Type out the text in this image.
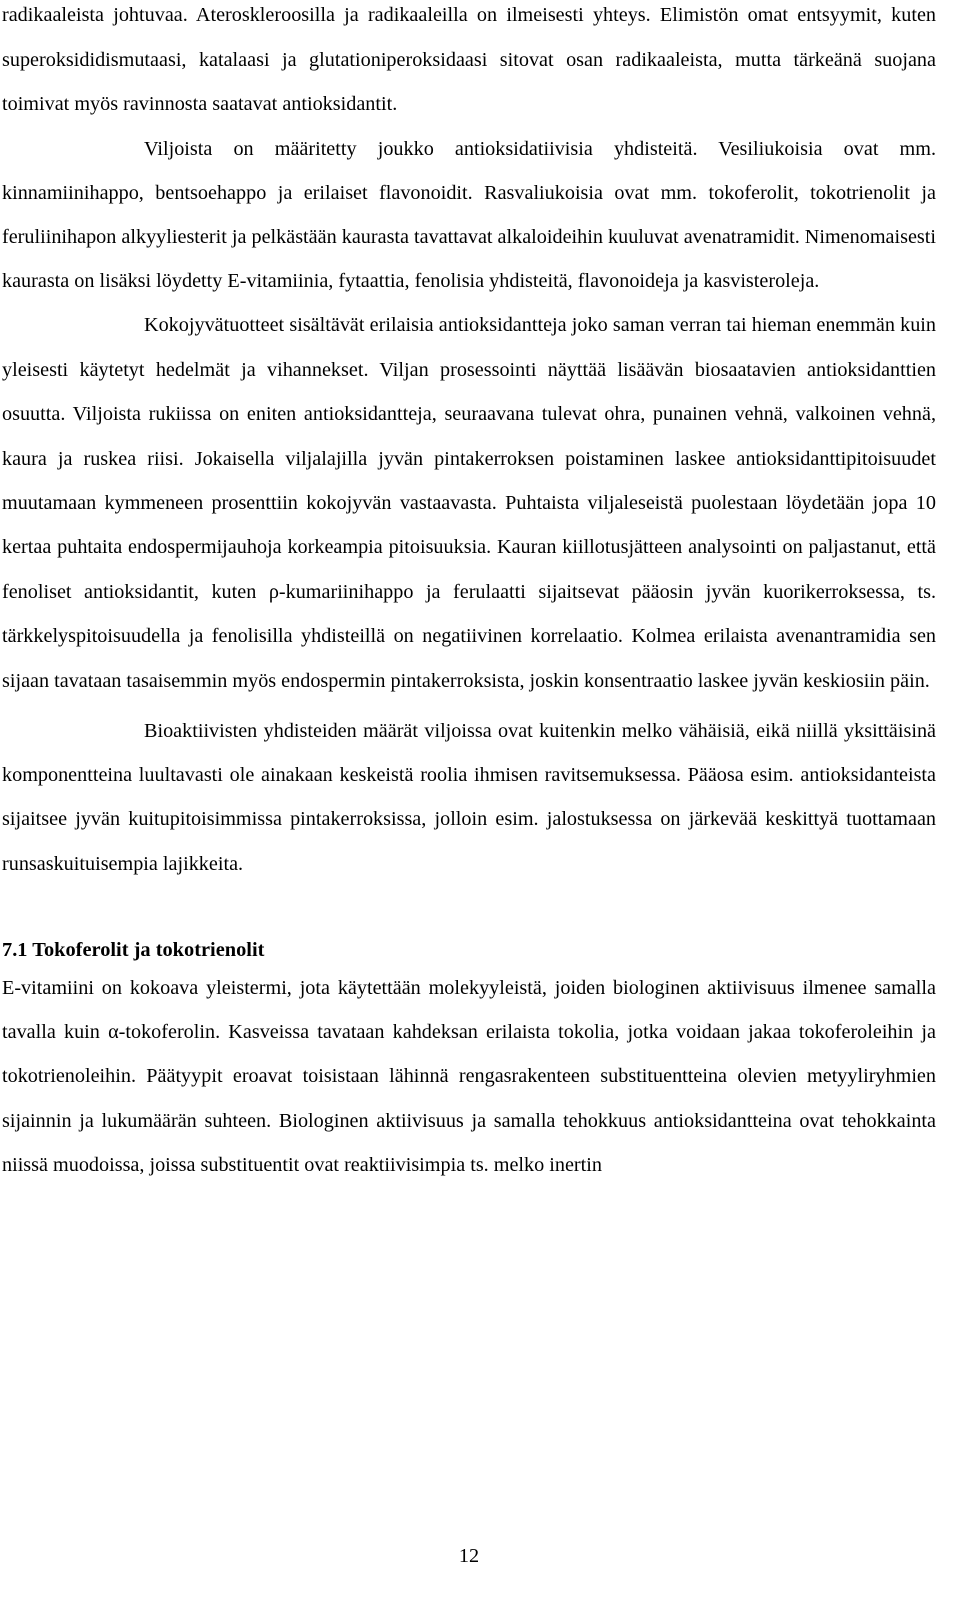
radikaaleista johtuvaa. Ateroskleroosilla ja radikaaleilla on ilmeisesti yhteys. Elimistön omat entsyymit, kuten superoksididismutaasi, katalaasi ja glutationiperoksidaasi sitovat osan radikaaleista, mutta tärkeänä suojana toimivat myös ravinnosta saatavat antioksidantit.

Viljoista on määritetty joukko antioksidatiivisia yhdisteitä. Vesiliukoisia ovat mm. kinnamiinihappo, bentsoehappo ja erilaiset flavonoidit. Rasvaliukoisia ovat mm. tokoferolit, tokotrienolit ja feruliinihapon alkyyliesterit ja pelkästään kaurasta tavattavat alkaloideihin kuuluvat avenatramidit. Nimenomaisesti kaurasta on lisäksi löydetty E-vitamiinia, fytaattia, fenolisia yhdisteitä, flavonoideja ja kasvisteroleja.

Kokojyvätuotteet sisältävät erilaisia antioksidantteja joko saman verran tai hieman enemmän kuin yleisesti käytetyt hedelmät ja vihannekset. Viljan prosessointi näyttää lisäävän biosaatavien antioksidanttien osuutta. Viljoista rukiissa on eniten antioksidantteja, seuraavana tulevat ohra, punainen vehnä, valkoinen vehnä, kaura ja ruskea riisi. Jokaisella viljalajilla jyvän pintakerroksen poistaminen laskee antioksidanttipitoisuudet muutamaan kymmeneen prosenttiin kokojyvän vastaavasta. Puhtaista viljaleseistä puolestaan löydetään jopa 10 kertaa puhtaita endospermijauhoja korkeampia pitoisuuksia. Kauran kiillotusjätteen analysointi on paljastanut, että fenoliset antioksidantit, kuten ρ-kumariinihappo ja ferulaatti sijaitsevat pääosin jyvän kuorikerroksessa, ts. tärkkelyspitoisuudella ja fenolisilla yhdisteillä on negatiivinen korrelaatio. Kolmea erilaista avenantramidia sen sijaan tavataan tasaisemmin myös endospermin pintakerroksista, joskin konsentraatio laskee jyvän keskiosiin päin.

Bioaktiivisten yhdisteiden määrät viljoissa ovat kuitenkin melko vähäisiä, eikä niillä yksittäisinä komponentteina luultavasti ole ainakaan keskeistä roolia ihmisen ravitsemuksessa. Pääosa esim. antioksidanteista sijaitsee jyvän kuitupitoisimmissa pintakerroksissa, jolloin esim. jalostuksessa on järkevää keskittyä tuottamaan runsaskuituisempia lajikkeita.

7.1 Tokoferolit ja tokotrienolit

E-vitamiini on kokoava yleistermi, jota käytettään molekyyleistä, joiden biologinen aktiivisuus ilmenee samalla tavalla kuin α-tokoferolin. Kasveissa tavataan kahdeksan erilaista tokolia, jotka voidaan jakaa tokoferoleihin ja tokotrienoleihin. Päätyypit eroavat toisistaan lähinnä rengasrakenteen substituentteina olevien metyyliryhmien sijainnin ja lukumäärän suhteen. Biologinen aktiivisuus ja samalla tehokkuus antioksidantteina ovat tehokkainta niissä muodoissa, joissa substituentit ovat reaktiivisimpia ts. melko inertin

12
